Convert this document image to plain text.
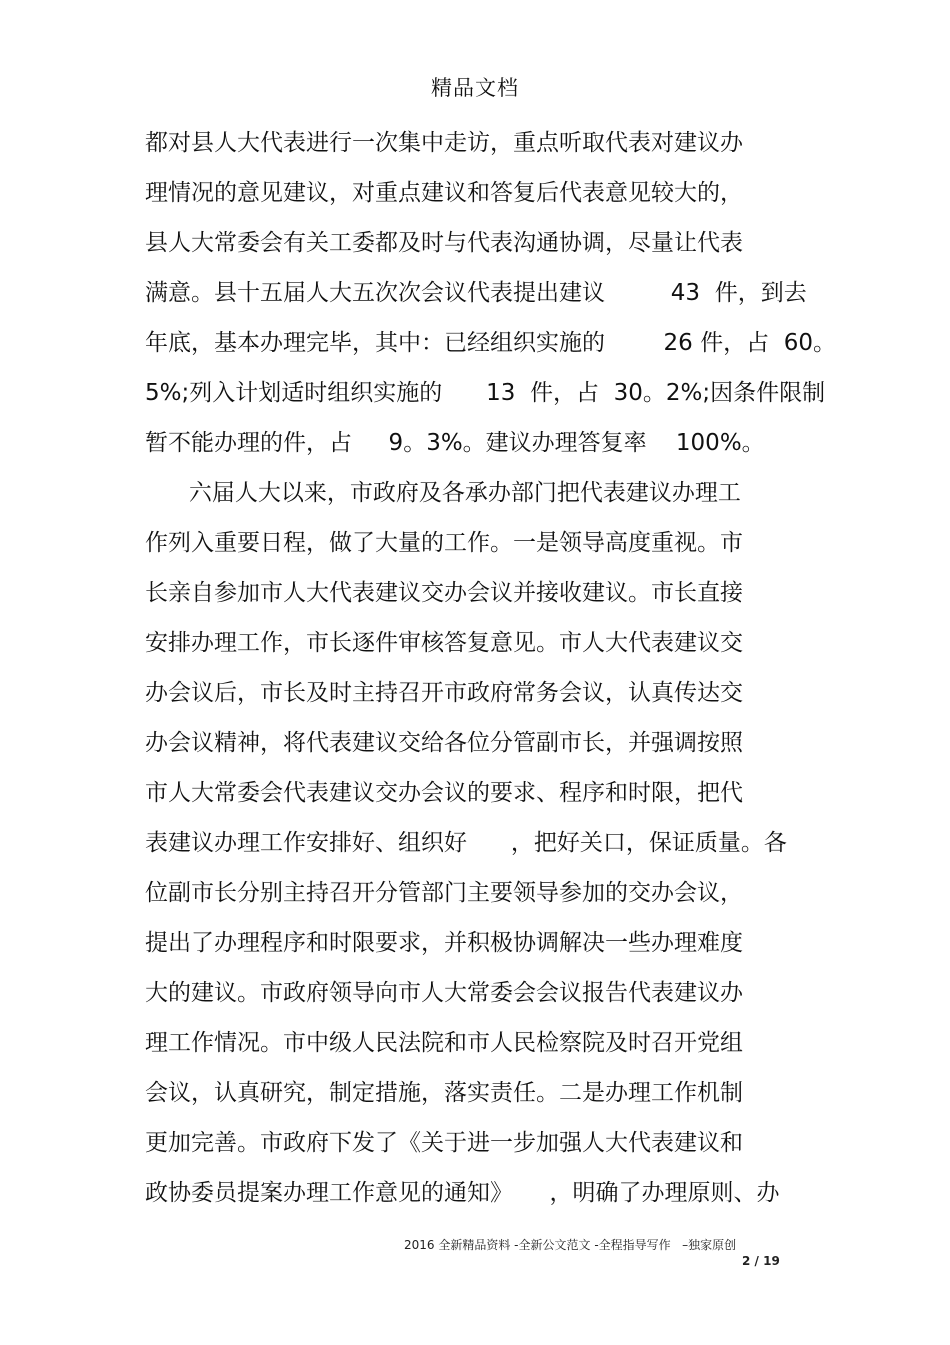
精品文档
都对县人大代表进行一次集中走访，重点听取代表对建议办
理情况的意见建议，对重点建议和答复后代表意见较大的，
县人大常委会有关工委都及时与代表沟通协调，尽量让代表
满意。县十五届人大五次次会议代表提出建议         43  件，到去
年底，基本办理完毕，其中：已经组织实施的        26 件，占  60。
5%;列入计划适时组织实施的      13  件，占  30。2%;因条件限制
暂不能办理的件，占     9。3%。建议办理答复率    100%。
六届人大以来，市政府及各承办部门把代表建议办理工
作列入重要日程，做了大量的工作。一是领导高度重视。市
长亲自参加市人大代表建议交办会议并接收建议。市长直接
安排办理工作，市长逐件审核答复意见。市人大代表建议交
办会议后，市长及时主持召开市政府常务会议，认真传达交
办会议精神，将代表建议交给各位分管副市长，并强调按照
市人大常委会代表建议交办会议的要求、程序和时限，把代
表建议办理工作安排好、组织好      ，把好关口，保证质量。各
位副市长分别主持召开分管部门主要领导参加的交办会议，
提出了办理程序和时限要求，并积极协调解决一些办理难度
大的建议。市政府领导向市人大常委会会议报告代表建议办
理工作情况。市中级人民法院和市人民检察院及时召开党组
会议，认真研究，制定措施，落实责任。二是办理工作机制
更加完善。市政府下发了《关于进一步加强人大代表建议和
政协委员提案办理工作意见的通知》     ，明确了办理原则、办
2016 全新精品资料 -全新公文范文 -全程指导写作   –独家原创
2 / 19
